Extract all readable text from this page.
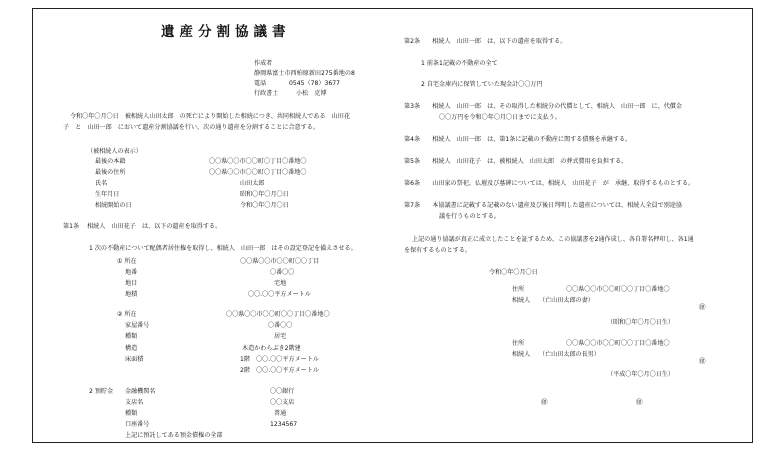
遺産分割協議書
作成者
静岡県富士市西柏原新田275番地の8
電話	0545（78）3677
行政書士	小松　克博
令和〇年〇月〇日　被相続人山田太郎　の死亡により開始した相続につき、共同相続人である　山田花
子　と　山田一郎　において遺産分割協議を行い、次の通り遺産を分割することに合意する。
（被相続人の表示）
最後の本籍	〇〇県〇〇市〇〇町〇丁目〇番地〇
最後の住所	〇〇県〇〇市〇〇町〇丁目〇番地〇
氏名	山田太郎
生年月日	昭和〇年〇月〇日
相続開始の日	令和〇年〇月〇日
第1条　 相続人　山田花子　は、以下の遺産を取得する。
1 次の不動産について配偶者居住権を取得し、相続人　山田一郎　はその設定登記を備えさせる。
① 所在	〇〇県〇〇市〇〇町〇〇丁目
地番	〇番〇〇
地目	宅地
地積	〇〇.〇〇平方メートル
② 所在	〇〇県〇〇市〇〇町〇〇丁目〇番地〇
家屋番号	〇番〇〇
種類	居宅
構造	木造かわらぶき2階建
床面積	1階　〇〇.〇〇平方メートル
2階　〇〇.〇〇平方メートル
2 預貯金 金融機関名	〇〇銀行
支店名	〇〇支店
種類	普通
口座番号	1234567
上記に預託してある預金債権の全部
第2条　　相続人　山田一郎　は、以下の遺産を取得する。
1 前条1記載の不動産の全て
2 自宅金庫内に保管していた現金計〇〇万円
第3条　　相続人　山田一郎　は、その取得した相続分の代償として、相続人　山田一郎　に、代償金
〇〇万円を令和〇年〇月〇日までに支払う。
第4条　　相続人　山田一郎　は、第1条に記載の不動産に関する債務を承継する。
第5条　　相続人　山田花子　は、被相続人　山田太郎　の葬式費用を負担する。
第6条　　山田家の祭祀、仏壇及び墓碑については、相続人　山田花子　が　承継、取得するものとする。
第7条　　本協議書に記載する記載のない遺産及び後日判明した遺産については、相続人全員で別途協
議を行うものとする。
上記の通り協議が真正に成立したことを証するため、この協議書を2通作成し、各自署名押印し、各1通
を保有するものとする。
令和〇年〇月〇日
住所	〇〇県〇〇市〇〇町〇〇丁目〇番地〇
相続人 （亡山田太郎の妻）
㊞
（昭和〇年〇月〇日生）
住所	〇〇県〇〇市〇〇町〇〇丁目〇番地〇
相続人 （亡山田太郎の長男）
㊞
（平成〇年〇月〇日生）
㊞	㊞
